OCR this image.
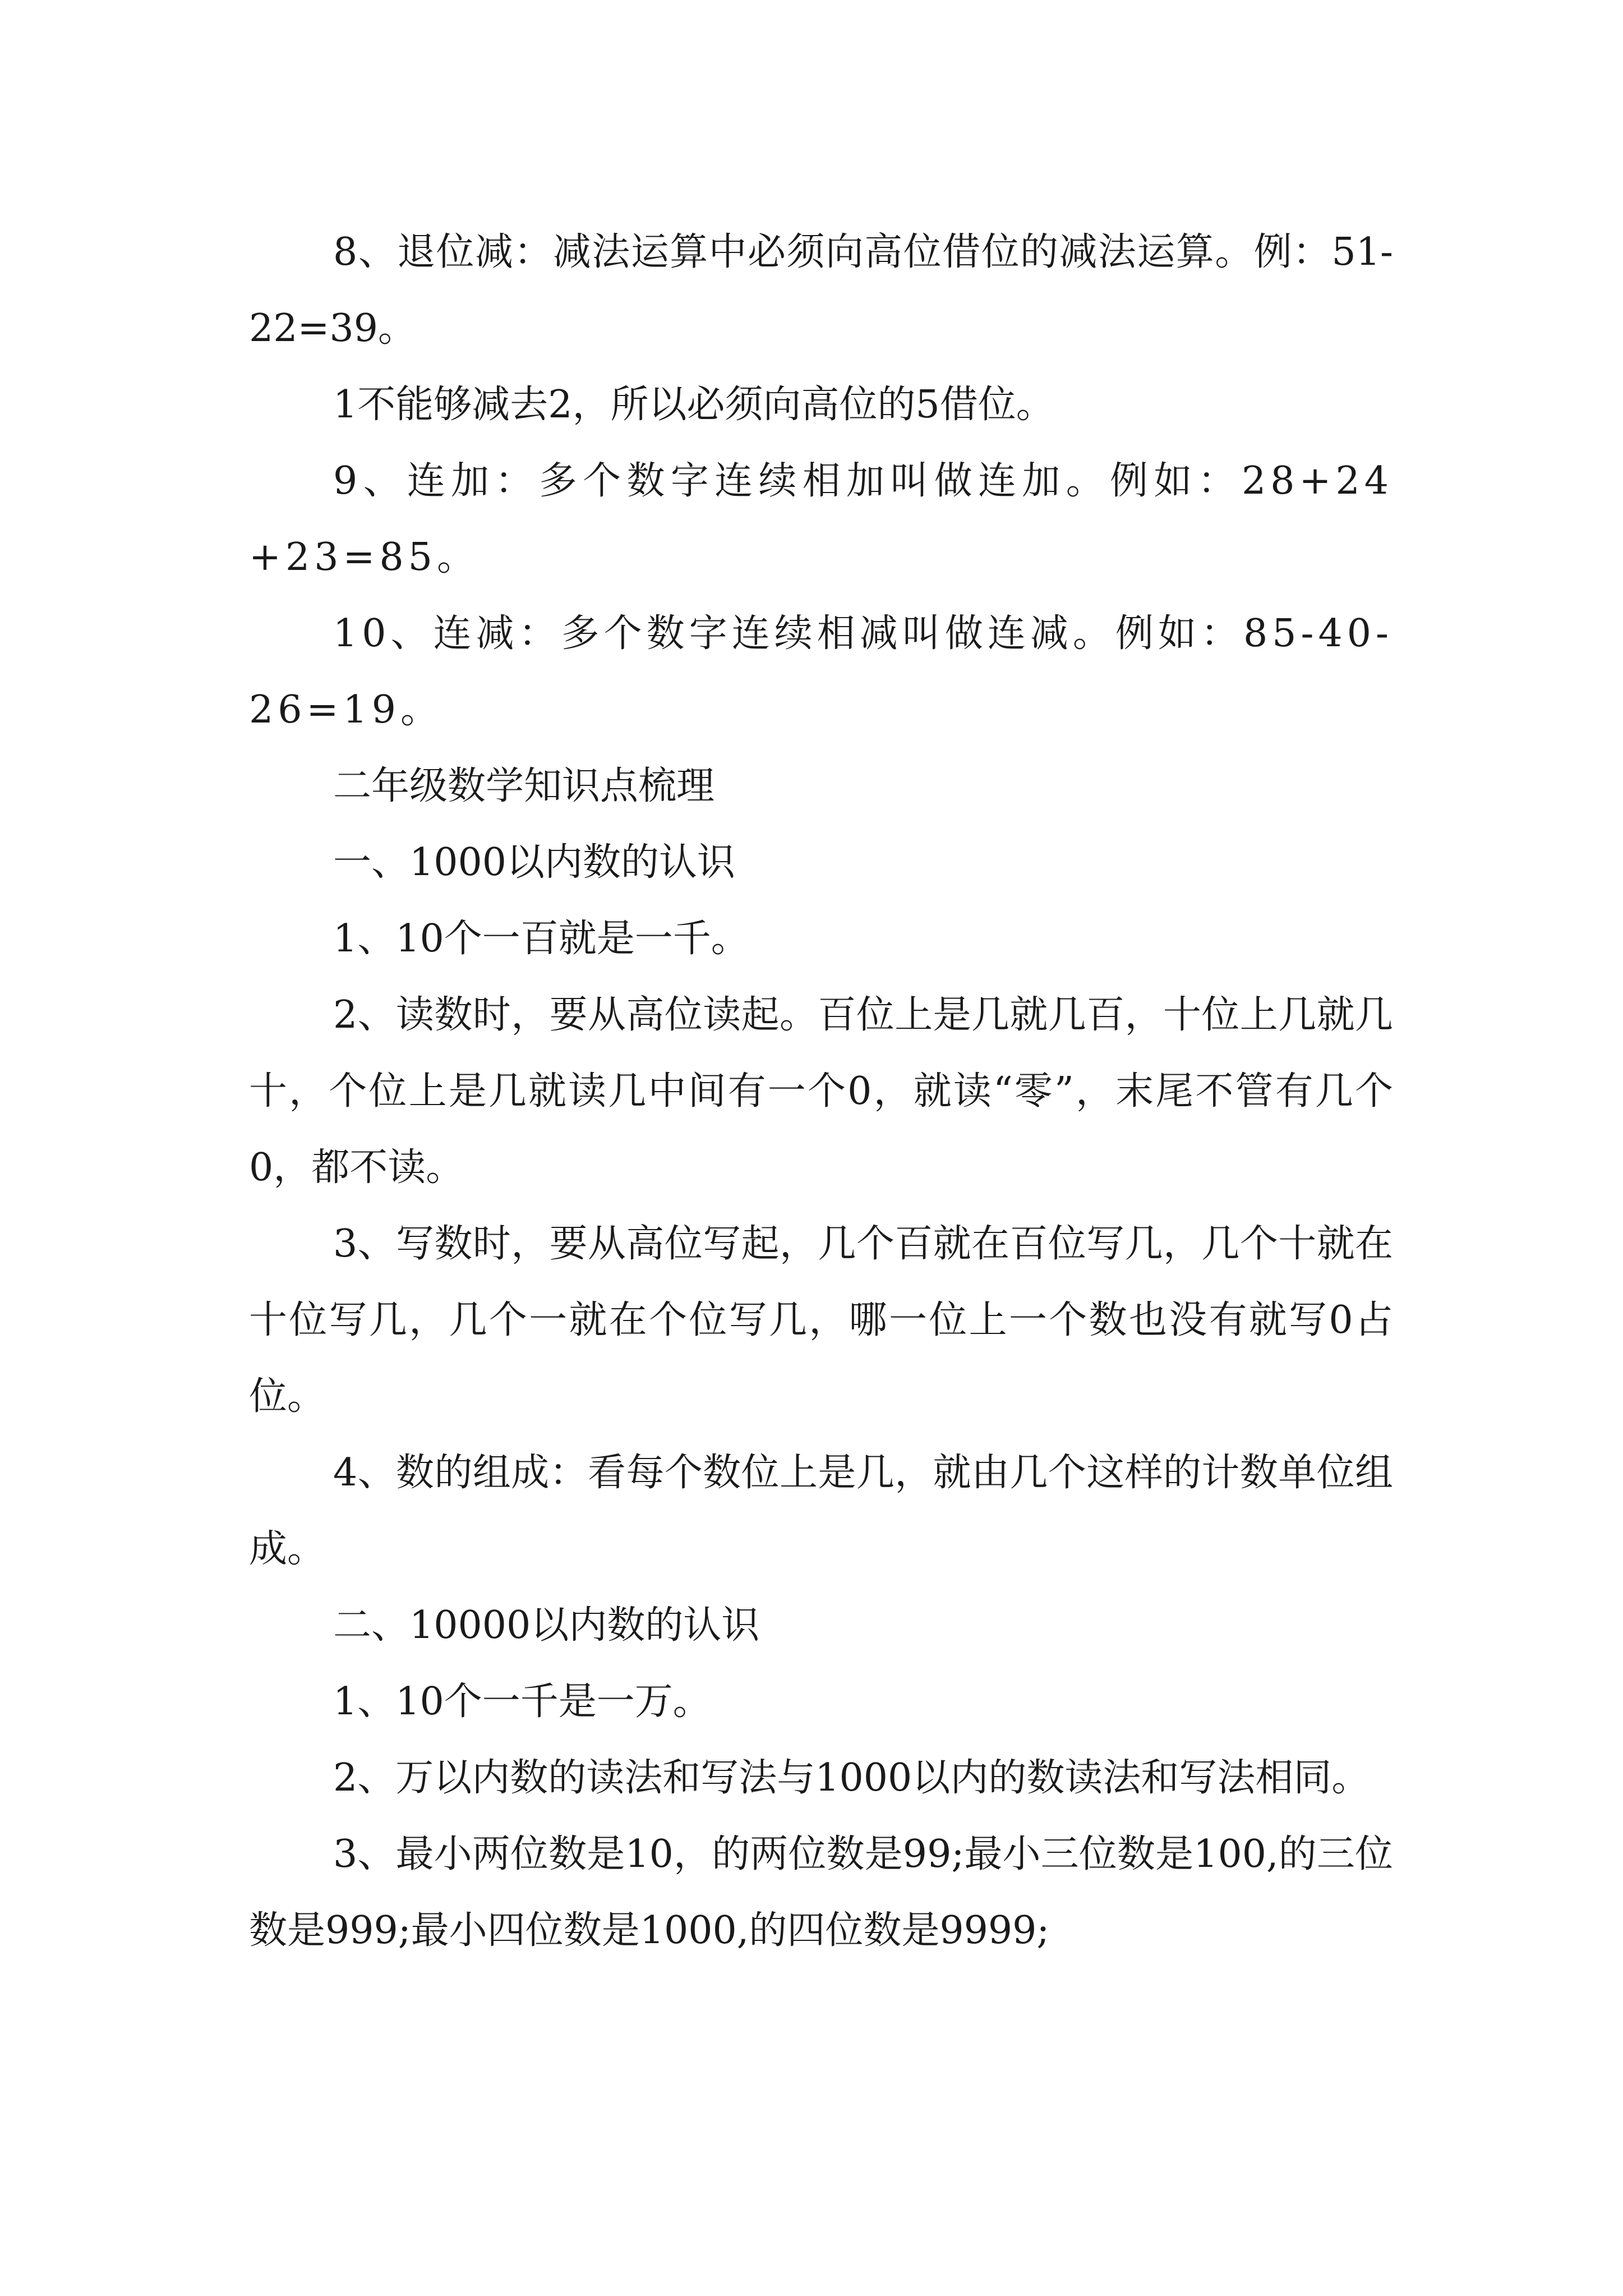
8、退位减：减法运算中必须向高位借位的减法运算。例：51-22=39。

1不能够减去2，所以必须向高位的5借位。

9、连加：多个数字连续相加叫做连加。例如：28+24+23=85。

10、连减：多个数字连续相减叫做连减。例如：85-40-26=19。

二年级数学知识点梳理

一、1000以内数的认识

1、10个一百就是一千。

2、读数时，要从高位读起。百位上是几就几百，十位上几就几十，个位上是几就读几中间有一个0，就读“零”，末尾不管有几个0，都不读。

3、写数时，要从高位写起，几个百就在百位写几，几个十就在十位写几，几个一就在个位写几，哪一位上一个数也没有就写0占位。

4、数的组成：看每个数位上是几，就由几个这样的计数单位组成。

二、10000以内数的认识

1、10个一千是一万。

2、万以内数的读法和写法与1000以内的数读法和写法相同。

3、最小两位数是10，的两位数是99;最小三位数是100,的三位数是999;最小四位数是1000,的四位数是9999;
